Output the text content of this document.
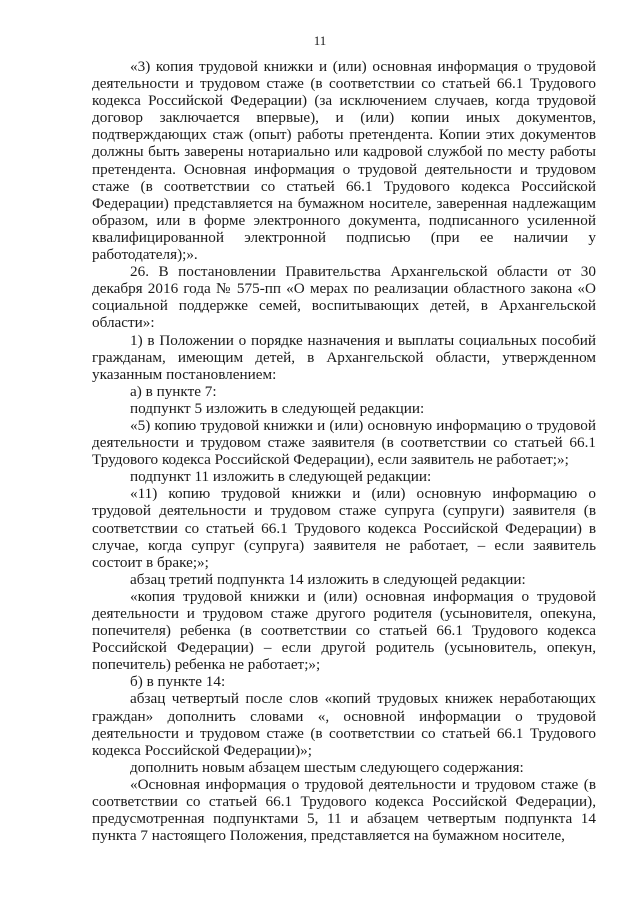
11

«3) копия трудовой книжки и (или) основная информация о трудовой деятельности и трудовом стаже (в соответствии со статьей 66.1 Трудового кодекса Российской Федерации) (за исключением случаев, когда трудовой договор заключается впервые), и (или) копии иных документов, подтверждающих стаж (опыт) работы претендента. Копии этих документов должны быть заверены нотариально или кадровой службой по месту работы претендента. Основная информация о трудовой деятельности и трудовом стаже (в соответствии со статьей 66.1 Трудового кодекса Российской Федерации) представляется на бумажном носителе, заверенная надлежащим образом, или в форме электронного документа, подписанного усиленной квалифицированной электронной подписью (при ее наличии у работодателя);».

26. В постановлении Правительства Архангельской области от 30 декабря 2016 года № 575-пп «О мерах по реализации областного закона «О социальной поддержке семей, воспитывающих детей, в Архангельской области»:

1) в Положении о порядке назначения и выплаты социальных пособий гражданам, имеющим детей, в Архангельской области, утвержденном указанным постановлением:

а) в пункте 7:

подпункт 5 изложить в следующей редакции:

«5) копию трудовой книжки и (или) основную информацию о трудовой деятельности и трудовом стаже заявителя (в соответствии со статьей 66.1 Трудового кодекса Российской Федерации), если заявитель не работает;»;

подпункт 11 изложить в следующей редакции:

«11) копию трудовой книжки и (или) основную информацию о трудовой деятельности и трудовом стаже супруга (супруги) заявителя (в соответствии со статьей 66.1 Трудового кодекса Российской Федерации) в случае, когда супруг (супруга) заявителя не работает, – если заявитель состоит в браке;»;

абзац третий подпункта 14 изложить в следующей редакции:

«копия трудовой книжки и (или) основная информация о трудовой деятельности и трудовом стаже другого родителя (усыновителя, опекуна, попечителя) ребенка (в соответствии со статьей 66.1 Трудового кодекса Российской Федерации) – если другой родитель (усыновитель, опекун, попечитель) ребенка не работает;»;

б) в пункте 14:

абзац четвертый после слов «копий трудовых книжек неработающих граждан» дополнить словами «, основной информации о трудовой деятельности и трудовом стаже (в соответствии со статьей 66.1 Трудового кодекса Российской Федерации)»;

дополнить новым абзацем шестым следующего содержания:

«Основная информация о трудовой деятельности и трудовом стаже (в соответствии со статьей 66.1 Трудового кодекса Российской Федерации), предусмотренная подпунктами 5, 11 и абзацем четвертым подпункта 14 пункта 7 настоящего Положения, представляется на бумажном носителе,
